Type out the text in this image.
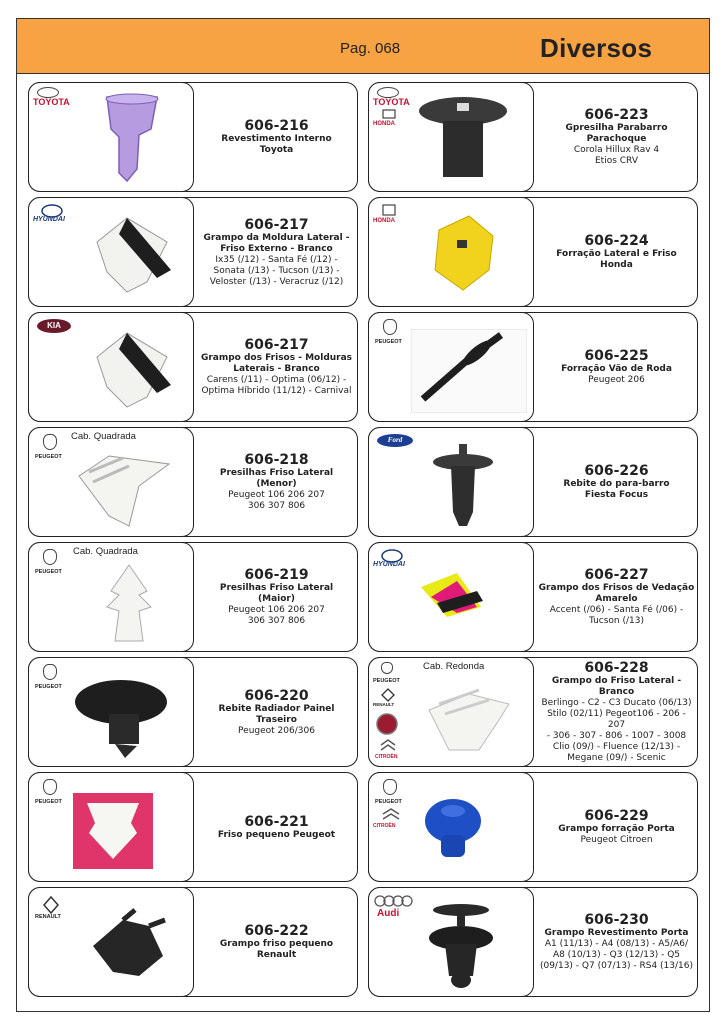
Pag. 068	Diversos
TOYOTA
606-216
Revestimento Interno
Toyota
HYUNDAI	606-217
Grampo da Moldura Lateral -
Friso Externo - Branco
Ix35 (/12) - Santa Fé (/12) -
Sonata (/13) - Tucson (/13) -
Veloster (/13) - Veracruz (/12)
KIA
606-217
Grampo dos Frisos - Molduras
Laterais - Branco
Carens (/11) - Optima (06/12) -
Optima Híbrido (11/12) - Carnival
PEUGEOT
Cab. Quadrada
606-218
Presilhas Friso Lateral
(Menor)
Peugeot 106 206 207
306 307 806
PEUGEOT
Cab. Quadrada
606-219
Presilhas Friso Lateral
(Maior)
Peugeot 106 206 207
306 307 806
PEUGEOT
606-220
Rebite Radiador Painel
Traseiro
Peugeot 206/306
PEUGEOT
606-221
Friso pequeno Peugeot
RENAULT
606-222
Grampo friso pequeno
Renault
TOYOTA
HONDA
606-223
Gpresilha Parabarro
Parachoque
Corola Hillux Rav 4
Etios CRV
HONDA
606-224
Forração Lateral e Friso
Honda
PEUGEOT
606-225
Forração Vão de Roda
Peugeot 206
Ford
606-226
Rebite do para-barro
Fiesta Focus
HYUNDAI
606-227
Grampo dos Frisos de Vedação
Amarelo
Accent (/06) - Santa Fé (/06) -
Tucson (/13)
Cab. Redonda
PEUGEOT
RENAULT
CITROËN
606-228
Grampo do Friso Lateral -
Branco
Berlingo - C2 - C3 Ducato (06/13)
Stilo (02/11) Pegeot106 - 206 - 207
- 306 - 307 - 806 - 1007 - 3008
Clio (09/) - Fluence (12/13) -
Megane (09/) - Scenic
PEUGEOT
CITROËN
606-229
Grampo forração Porta
Peugeot Citroen
Audi	606-230
Grampo Revestimento Porta
A1 (11/13) - A4 (08/13) - A5/A6/
A8 (10/13) - Q3 (12/13) - Q5
(09/13) - Q7 (07/13) - RS4 (13/16)
